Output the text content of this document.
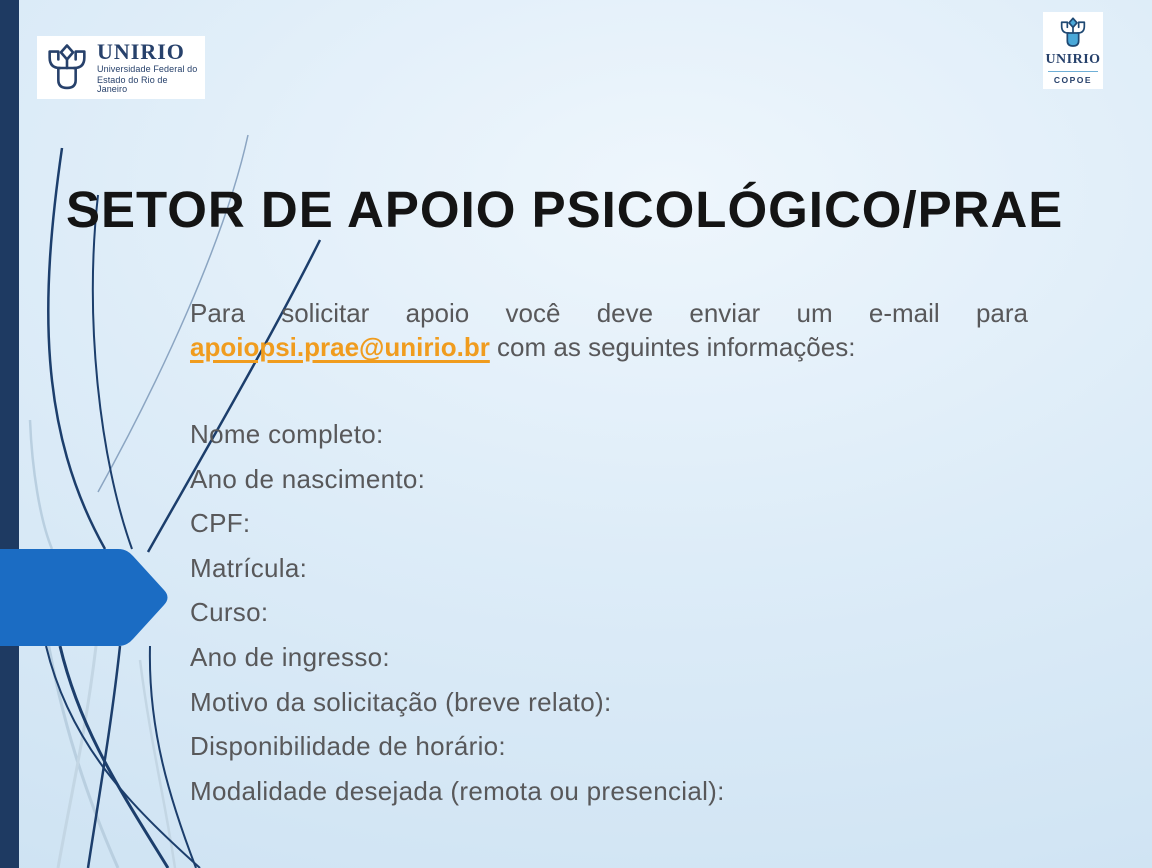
UNIRIO
Universidade Federal do
Estado do Rio de Janeiro
UNIRIO
COPOE
SETOR DE APOIO PSICOLÓGICO/PRAE
Para solicitar apoio você deve enviar um e-mail para
apoiopsi.prae@unirio.br com as seguintes informações:
Nome completo:
Ano de nascimento:
CPF:
Matrícula:
Curso:
Ano de ingresso:
Motivo da solicitação (breve relato):
Disponibilidade de horário:
Modalidade desejada (remota ou presencial):
